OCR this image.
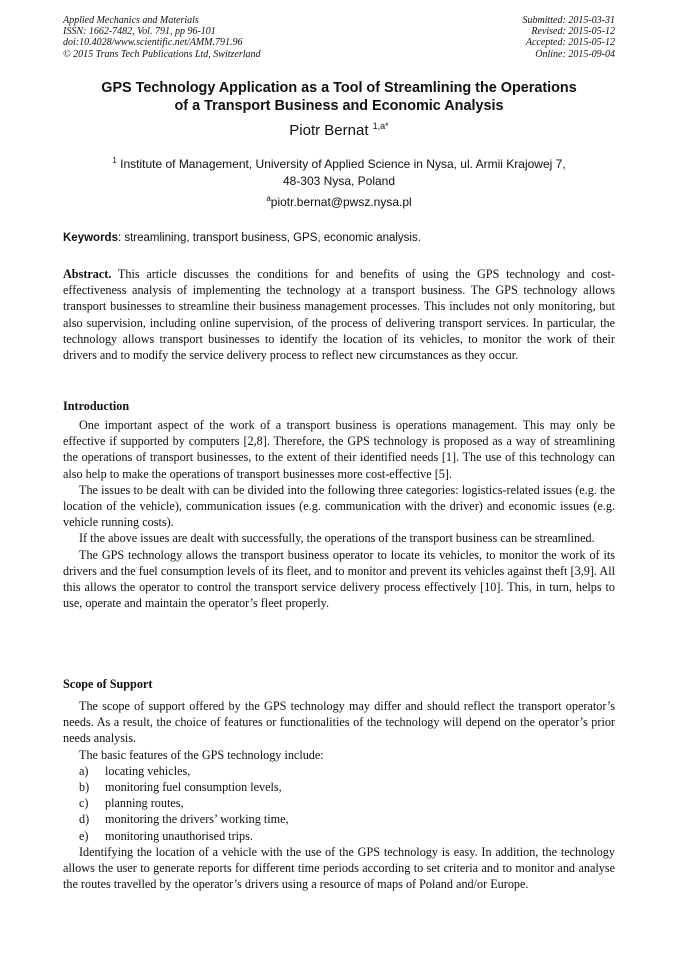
Applied Mechanics and Materials
ISSN: 1662-7482, Vol. 791, pp 96-101
doi:10.4028/www.scientific.net/AMM.791.96
© 2015 Trans Tech Publications Ltd, Switzerland
Submitted: 2015-03-31
Revised: 2015-05-12
Accepted: 2015-05-12
Online: 2015-09-04
GPS Technology Application as a Tool of Streamlining the Operations
of a Transport Business and Economic Analysis
Piotr Bernat $^{1,a*}$
$^1$ Institute of Management, University of Applied Science in Nysa, ul. Armii Krajowej 7,
48-303 Nysa, Poland
$^a$piotr.bernat@pwsz.nysa.pl
Keywords: streamlining, transport business, GPS, economic analysis.

Abstract. This article discusses the conditions for and benefits of using the GPS technology and cost-effectiveness analysis of implementing the technology at a transport business. The GPS technology allows transport businesses to streamline their business management processes. This includes not only monitoring, but also supervision, including online supervision, of the process of delivering transport services. In particular, the technology allows transport businesses to identify the location of its vehicles, to monitor the work of their drivers and to modify the service delivery process to reflect new circumstances as they occur.

Introduction

One important aspect of the work of a transport business is operations management. This may only be effective if supported by computers [2,8]. Therefore, the GPS technology is proposed as a way of streamlining the operations of transport businesses, to the extent of their identified needs [1]. The use of this technology can also help to make the operations of transport businesses more cost-effective [5].

The issues to be dealt with can be divided into the following three categories: logistics-related issues (e.g. the location of the vehicle), communication issues (e.g. communication with the driver) and economic issues (e.g. vehicle running costs).

If the above issues are dealt with successfully, the operations of the transport business can be streamlined.

The GPS technology allows the transport business operator to locate its vehicles, to monitor the work of its drivers and the fuel consumption levels of its fleet, and to monitor and prevent its vehicles against theft [3,9]. All this allows the operator to control the transport service delivery process effectively [10]. This, in turn, helps to use, operate and maintain the operator’s fleet properly.

Scope of Support

The scope of support offered by the GPS technology may differ and should reflect the transport operator’s needs. As a result, the choice of features or functionalities of the technology will depend on the operator’s prior needs analysis.

The basic features of the GPS technology include:

a)	locating vehicles,
b)	monitoring fuel consumption levels,
c)	planning routes,
d)	monitoring the drivers’ working time,
e)	monitoring unauthorised trips.

Identifying the location of a vehicle with the use of the GPS technology is easy. In addition, the technology allows the user to generate reports for different time periods according to set criteria and to monitor and analyse the routes travelled by the operator’s drivers using a resource of maps of Poland and/or Europe.
